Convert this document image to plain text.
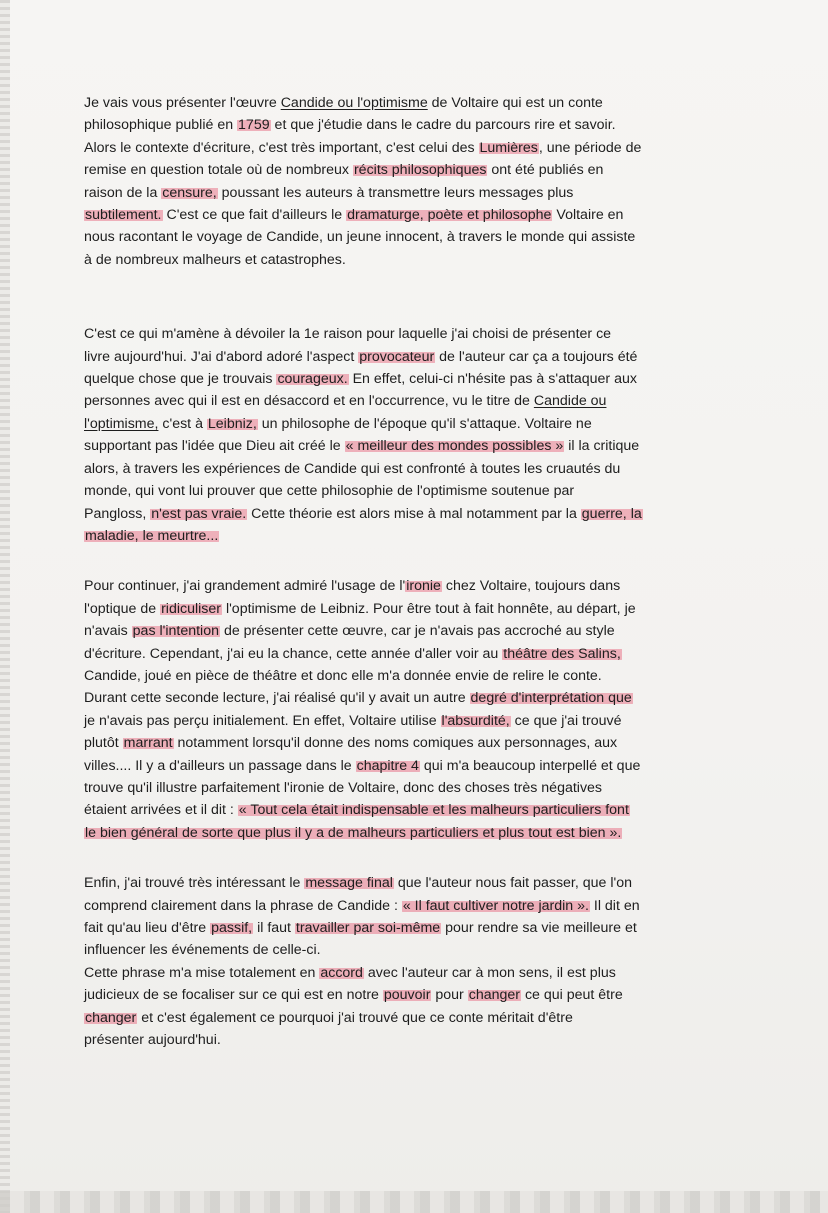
Je vais vous présenter l'œuvre Candide ou l'optimisme de Voltaire qui est un conte
philosophique publié en 1759 et que j'étudie dans le cadre du parcours rire et savoir.
Alors le contexte d'écriture, c'est très important, c'est celui des Lumières, une période de
remise en question totale où de nombreux récits philosophiques ont été publiés en
raison de la censure, poussant les auteurs à transmettre leurs messages plus
subtilement. C'est ce que fait d'ailleurs le dramaturge, poète et philosophe Voltaire en
nous racontant le voyage de Candide, un jeune innocent, à travers le monde qui assiste
à de nombreux malheurs et catastrophes.
C'est ce qui m'amène à dévoiler la 1e raison pour laquelle j'ai choisi de présenter ce
livre aujourd'hui. J'ai d'abord adoré l'aspect provocateur de l'auteur car ça a toujours été
quelque chose que je trouvais courageux. En effet, celui-ci n'hésite pas à s'attaquer aux
personnes avec qui il est en désaccord et en l'occurrence, vu le titre de Candide ou
l'optimisme, c'est à Leibniz, un philosophe de l'époque qu'il s'attaque. Voltaire ne
supportant pas l'idée que Dieu ait créé le « meilleur des mondes possibles » il la critique
alors, à travers les expériences de Candide qui est confronté à toutes les cruautés du
monde, qui vont lui prouver que cette philosophie de l'optimisme soutenue par
Pangloss, n'est pas vraie. Cette théorie est alors mise à mal notamment par la guerre, la
maladie, le meurtre...
Pour continuer, j'ai grandement admiré l'usage de l'ironie chez Voltaire, toujours dans
l'optique de ridiculiser l'optimisme de Leibniz. Pour être tout à fait honnête, au départ, je
n'avais pas l'intention de présenter cette œuvre, car je n'avais pas accroché au style
d'écriture. Cependant, j'ai eu la chance, cette année d'aller voir au théâtre des Salins,
Candide, joué en pièce de théâtre et donc elle m'a donnée envie de relire le conte.
Durant cette seconde lecture, j'ai réalisé qu'il y avait un autre degré d'interprétation que
je n'avais pas perçu initialement. En effet, Voltaire utilise l'absurdité, ce que j'ai trouvé
plutôt marrant notamment lorsqu'il donne des noms comiques aux personnages, aux
villes.... Il y a d'ailleurs un passage dans le chapitre 4 qui m'a beaucoup interpellé et que
trouve qu'il illustre parfaitement l'ironie de Voltaire, donc des choses très négatives
étaient arrivées et il dit : « Tout cela était indispensable et les malheurs particuliers font
le bien général de sorte que plus il y a de malheurs particuliers et plus tout est bien ».
Enfin, j'ai trouvé très intéressant le message final que l'auteur nous fait passer, que l'on
comprend clairement dans la phrase de Candide : « Il faut cultiver notre jardin ». Il dit en
fait qu'au lieu d'être passif, il faut travailler par soi-même pour rendre sa vie meilleure et
influencer les événements de celle-ci.
Cette phrase m'a mise totalement en accord avec l'auteur car à mon sens, il est plus
judicieux de se focaliser sur ce qui est en notre pouvoir pour changer ce qui peut être
changer et c'est également ce pourquoi j'ai trouvé que ce conte méritait d'être
présenter aujourd'hui.
